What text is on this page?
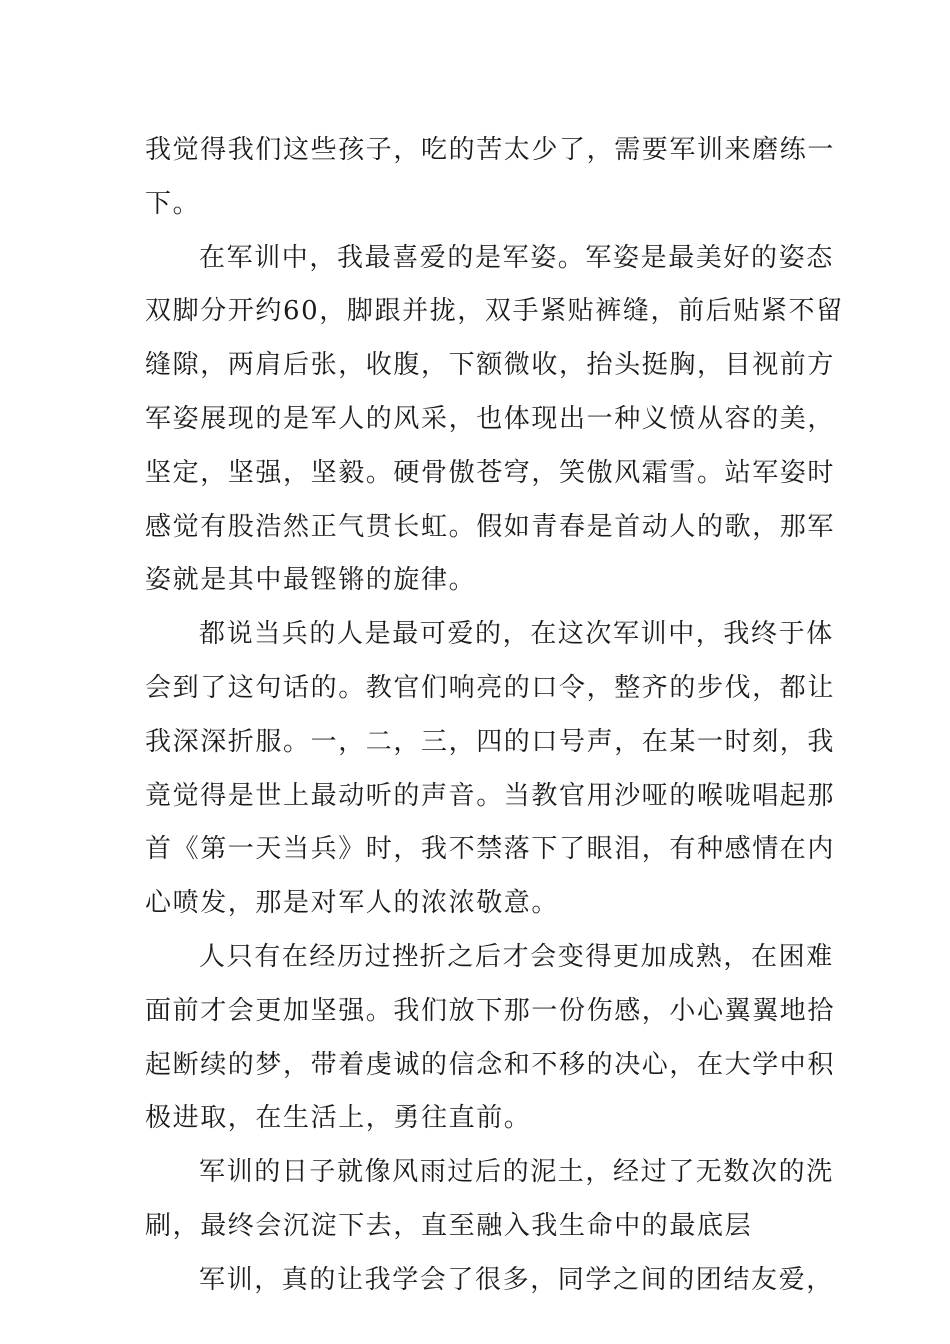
我觉得我们这些孩子，吃的苦太少了，需要军训来磨练一
下。
在军训中，我最喜爱的是军姿。军姿是最美好的姿态
双脚分开约60，脚跟并拢，双手紧贴裤缝，前后贴紧不留
缝隙，两肩后张，收腹，下额微收，抬头挺胸，目视前方
军姿展现的是军人的风采，也体现出一种义愤从容的美，
坚定，坚强，坚毅。硬骨傲苍穹，笑傲风霜雪。站军姿时
感觉有股浩然正气贯长虹。假如青春是首动人的歌，那军
姿就是其中最铿锵的旋律。
都说当兵的人是最可爱的，在这次军训中，我终于体
会到了这句话的。教官们响亮的口令，整齐的步伐，都让
我深深折服。一，二，三，四的口号声，在某一时刻，我
竟觉得是世上最动听的声音。当教官用沙哑的喉咙唱起那
首《第一天当兵》时，我不禁落下了眼泪，有种感情在内
心喷发，那是对军人的浓浓敬意。
人只有在经历过挫折之后才会变得更加成熟，在困难
面前才会更加坚强。我们放下那一份伤感，小心翼翼地拾
起断续的梦，带着虔诚的信念和不移的决心，在大学中积
极进取，在生活上，勇往直前。
军训的日子就像风雨过后的泥土，经过了无数次的洗
刷，最终会沉淀下去，直至融入我生命中的最底层
军训，真的让我学会了很多，同学之间的团结友爱，
